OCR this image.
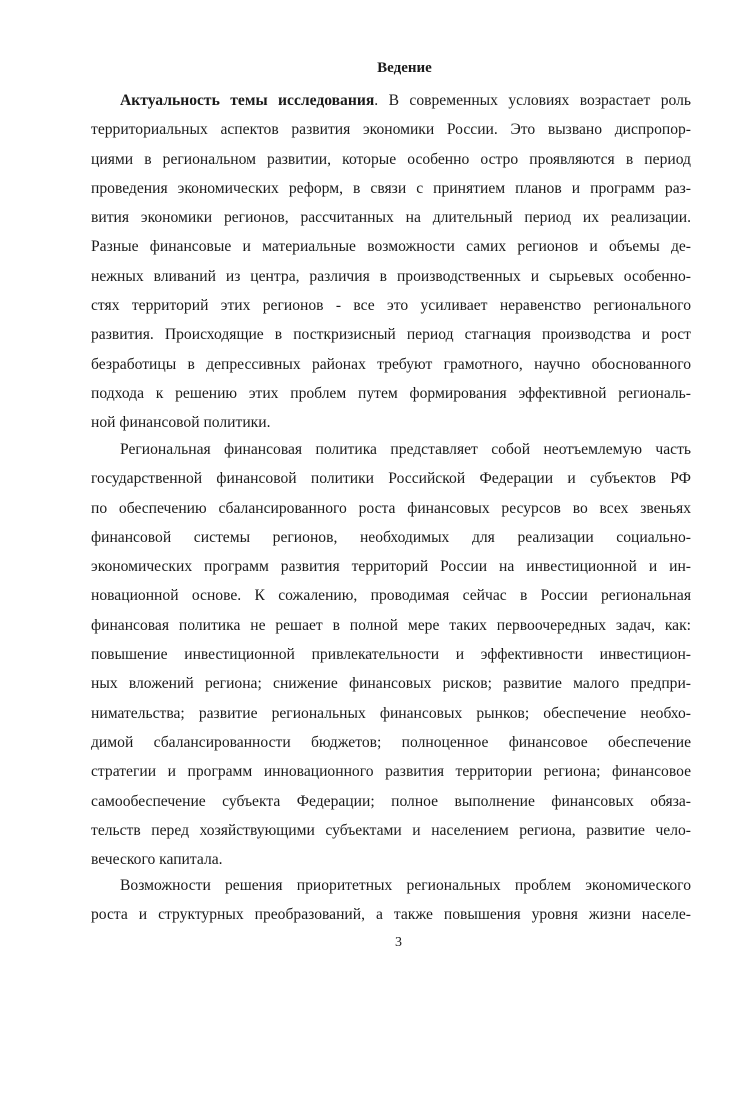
Ведение
Актуальность темы исследования. В современных условиях возрастает роль
территориальных аспектов развития экономики России. Это вызвано диспропор-
циями в региональном развитии, которые особенно остро проявляются в период
проведения экономических реформ, в связи с принятием планов и программ раз-
вития экономики регионов, рассчитанных на длительный период их реализации.
Разные финансовые и материальные возможности самих регионов и объемы де-
нежных вливаний из центра, различия в производственных и сырьевых особенно-
стях территорий этих регионов - все это усиливает неравенство регионального
развития. Происходящие в посткризисный период стагнация производства и рост
безработицы в депрессивных районах требуют грамотного, научно обоснованного
подхода к решению этих проблем путем формирования эффективной региональ-
ной финансовой политики.
Региональная финансовая политика представляет собой неотъемлемую часть
государственной финансовой политики Российской Федерации и субъектов РФ
по обеспечению сбалансированного роста финансовых ресурсов во всех звеньях
финансовой системы регионов, необходимых для реализации социально-
экономических программ развития территорий России на инвестиционной и ин-
новационной основе. К сожалению, проводимая сейчас в России региональная
финансовая политика не решает в полной мере таких первоочередных задач, как:
повышение инвестиционной привлекательности и эффективности инвестицион-
ных вложений региона; снижение финансовых рисков; развитие малого предпри-
нимательства; развитие региональных финансовых рынков; обеспечение необхо-
димой сбалансированности бюджетов; полноценное финансовое обеспечение
стратегии и программ инновационного развития территории региона; финансовое
самообеспечение субъекта Федерации; полное выполнение финансовых обяза-
тельств перед хозяйствующими субъектами и населением региона, развитие чело-
веческого капитала.
Возможности решения приоритетных региональных проблем экономического
роста и структурных преобразований, а также повышения уровня жизни населе-
3
